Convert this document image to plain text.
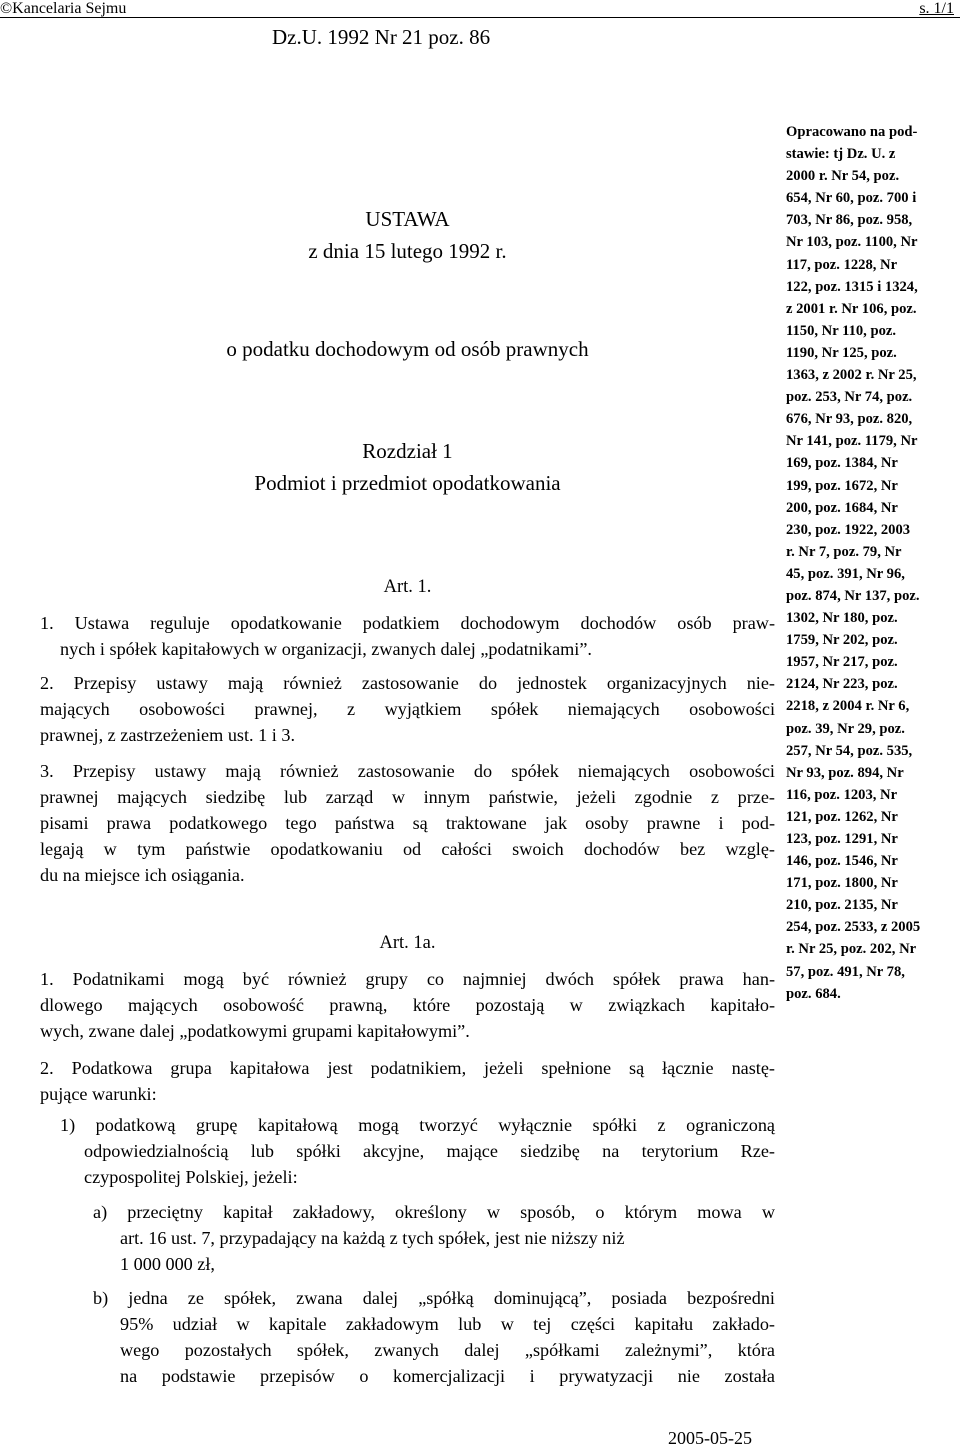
©Kancelaria Sejmu	s. 1/1
Dz.U. 1992 Nr 21 poz. 86
USTAWA
z dnia 15 lutego 1992 r.
o podatku dochodowym od osób prawnych
Rozdział 1
Podmiot i przedmiot opodatkowania
Art. 1.

1. Ustawa reguluje opodatkowanie podatkiem dochodowym dochodów osób praw-
nych i spółek kapitałowych w organizacji, zwanych dalej „podatnikami”.

2. Przepisy ustawy mają również zastosowanie do jednostek organizacyjnych nie-
mających osobowości prawnej, z wyjątkiem spółek niemających osobowości
prawnej, z zastrzeżeniem ust. 1 i 3.

3. Przepisy ustawy mają również zastosowanie do spółek niemających osobowości
prawnej mających siedzibę lub zarząd w innym państwie, jeżeli zgodnie z prze-
pisami prawa podatkowego tego państwa są traktowane jak osoby prawne i pod-
legają w tym państwie opodatkowaniu od całości swoich dochodów bez wzglę-
du na miejsce ich osiągania.

Art. 1a.

1. Podatnikami mogą być również grupy co najmniej dwóch spółek prawa han-
dlowego mających osobowość prawną, które pozostają w związkach kapitało-
wych, zwane dalej „podatkowymi grupami kapitałowymi”.

2. Podatkowa grupa kapitałowa jest podatnikiem, jeżeli spełnione są łącznie nastę-
pujące warunki:

1) podatkową grupę kapitałową mogą tworzyć wyłącznie spółki z ograniczoną
odpowiedzialnością lub spółki akcyjne, mające siedzibę na terytorium Rze-
czypospolitej Polskiej, jeżeli:

a) przeciętny kapitał zakładowy, określony w sposób, o którym mowa w
art. 16 ust. 7, przypadający na każdą z tych spółek, jest nie niższy niż
1 000 000 zł,

b) jedna ze spółek, zwana dalej „spółką dominującą”, posiada bezpośredni
95% udział w kapitale zakładowym lub w tej części kapitału zakłado-
wego pozostałych spółek, zwanych dalej „spółkami zależnymi”, która
na podstawie przepisów o komercjalizacji i prywatyzacji nie została

Opracowano na pod-
stawie: tj Dz. U. z
2000 r. Nr 54, poz.
654, Nr 60, poz. 700 i
703, Nr 86, poz. 958,
Nr 103, poz. 1100, Nr
117, poz. 1228, Nr
122, poz. 1315 i 1324,
z 2001 r. Nr 106, poz.
1150, Nr 110, poz.
1190, Nr 125, poz.
1363, z 2002 r. Nr 25,
poz. 253, Nr 74, poz.
676, Nr 93, poz. 820,
Nr 141, poz. 1179, Nr
169, poz. 1384, Nr
199, poz. 1672, Nr
200, poz. 1684, Nr
230, poz. 1922, 2003
r. Nr 7, poz. 79, Nr
45, poz. 391, Nr 96,
poz. 874, Nr 137, poz.
1302, Nr 180, poz.
1759, Nr 202, poz.
1957, Nr 217, poz.
2124, Nr 223, poz.
2218, z 2004 r. Nr 6,
poz. 39, Nr 29, poz.
257, Nr 54, poz. 535,
Nr 93, poz. 894, Nr
116, poz. 1203, Nr
121, poz. 1262, Nr
123, poz. 1291, Nr
146, poz. 1546, Nr
171, poz. 1800, Nr
210, poz. 2135, Nr
254, poz. 2533, z 2005
r. Nr 25, poz. 202, Nr
57, poz. 491, Nr 78,
poz. 684.
2005-05-25
